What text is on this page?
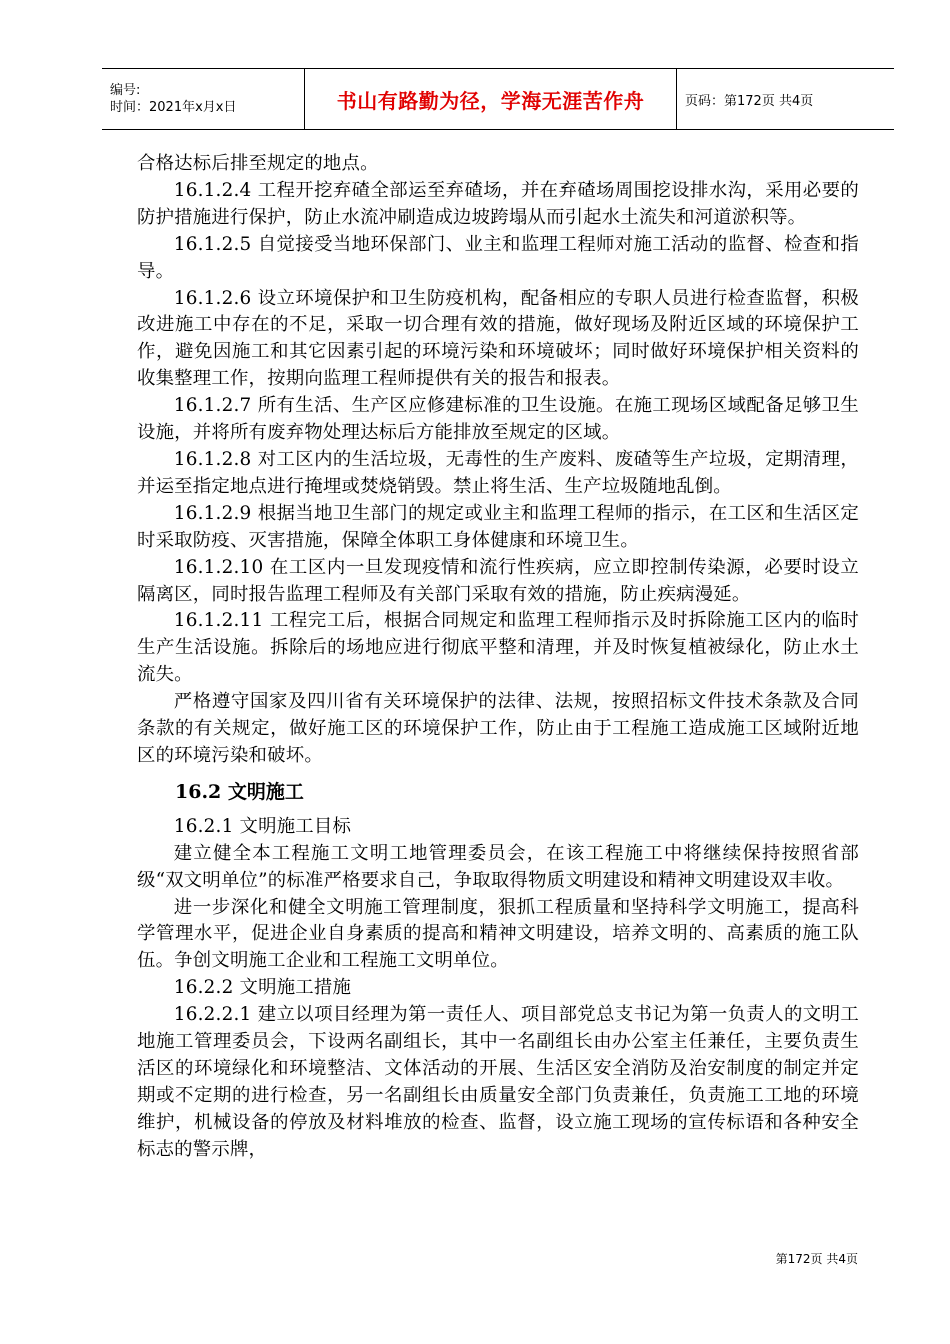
编号:
时间：2021年x月x日	书山有路勤为径，学海无涯苦作舟	页码：第172页 共4页

合格达标后排至规定的地点。

16.1.2.4 工程开挖弃碴全部运至弃碴场，并在弃碴场周围挖设排水沟，采用必要的防护措施进行保护，防止水流冲刷造成边坡跨塌从而引起水土流失和河道淤积等。

16.1.2.5 自觉接受当地环保部门、业主和监理工程师对施工活动的监督、检查和指导。

16.1.2.6 设立环境保护和卫生防疫机构，配备相应的专职人员进行检查监督，积极改进施工中存在的不足，采取一切合理有效的措施，做好现场及附近区域的环境保护工作，避免因施工和其它因素引起的环境污染和环境破坏；同时做好环境保护相关资料的收集整理工作，按期向监理工程师提供有关的报告和报表。

16.1.2.7 所有生活、生产区应修建标准的卫生设施。在施工现场区域配备足够卫生设施，并将所有废弃物处理达标后方能排放至规定的区域。

16.1.2.8 对工区内的生活垃圾，无毒性的生产废料、废碴等生产垃圾，定期清理，并运至指定地点进行掩埋或焚烧销毁。禁止将生活、生产垃圾随地乱倒。

16.1.2.9 根据当地卫生部门的规定或业主和监理工程师的指示，在工区和生活区定时采取防疫、灭害措施，保障全体职工身体健康和环境卫生。

16.1.2.10 在工区内一旦发现疫情和流行性疾病，应立即控制传染源，必要时设立隔离区，同时报告监理工程师及有关部门采取有效的措施，防止疾病漫延。

16.1.2.11 工程完工后，根据合同规定和监理工程师指示及时拆除施工区内的临时生产生活设施。拆除后的场地应进行彻底平整和清理，并及时恢复植被绿化，防止水土流失。

严格遵守国家及四川省有关环境保护的法律、法规，按照招标文件技术条款及合同条款的有关规定，做好施工区的环境保护工作，防止由于工程施工造成施工区域附近地区的环境污染和破坏。

16.2 文明施工

16.2.1 文明施工目标

建立健全本工程施工文明工地管理委员会，在该工程施工中将继续保持按照省部级“双文明单位”的标准严格要求自己，争取取得物质文明建设和精神文明建设双丰收。

进一步深化和健全文明施工管理制度，狠抓工程质量和坚持科学文明施工，提高科学管理水平，促进企业自身素质的提高和精神文明建设，培养文明的、高素质的施工队伍。争创文明施工企业和工程施工文明单位。

16.2.2 文明施工措施

16.2.2.1 建立以项目经理为第一责任人、项目部党总支书记为第一负责人的文明工地施工管理委员会，下设两名副组长，其中一名副组长由办公室主任兼任，主要负责生活区的环境绿化和环境整洁、文体活动的开展、生活区安全消防及治安制度的制定并定期或不定期的进行检查，另一名副组长由质量安全部门负责兼任，负责施工工地的环境维护，机械设备的停放及材料堆放的检查、监督，设立施工现场的宣传标语和各种安全标志的警示牌，

第172页 共4页
